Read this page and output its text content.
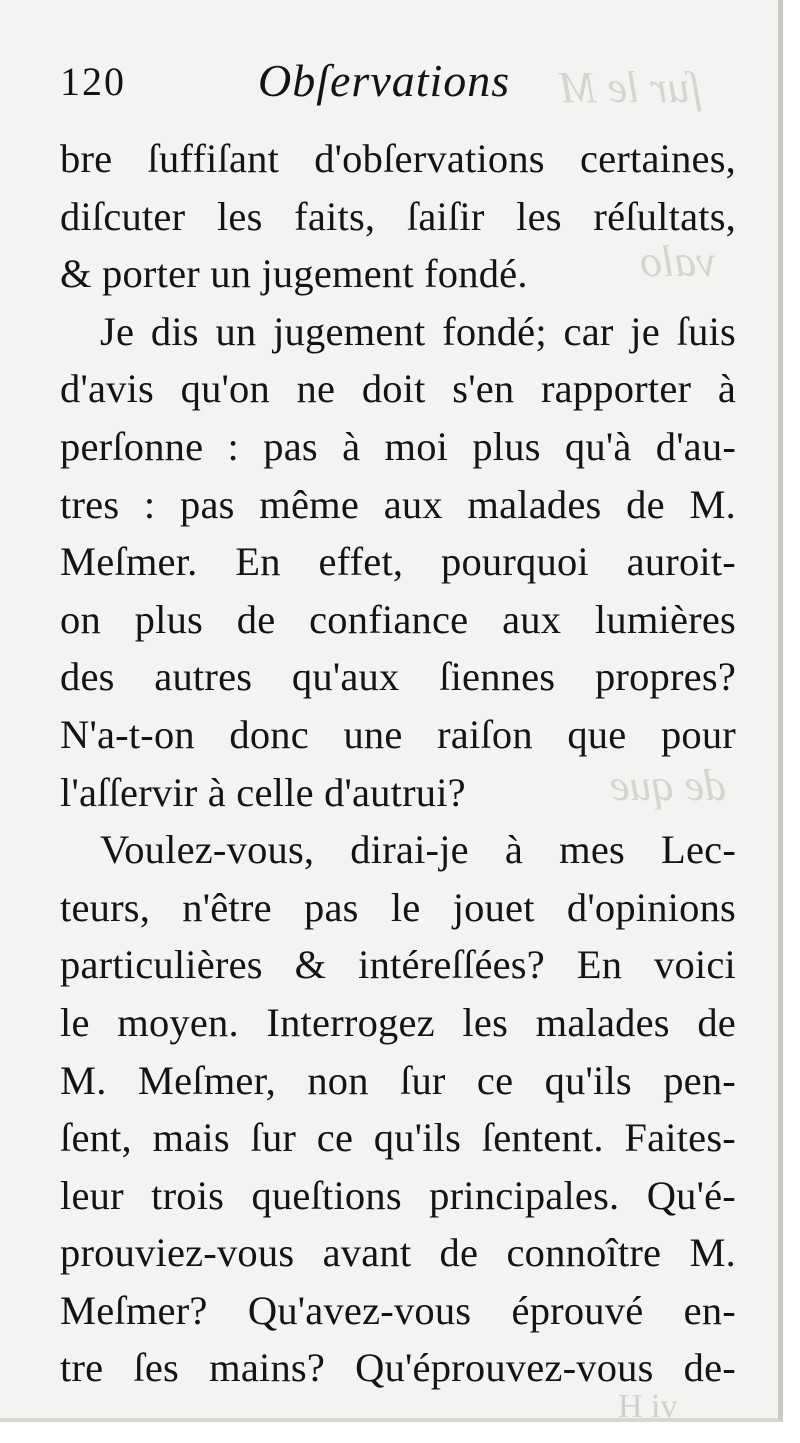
ſur le M
valo
de que
120	Obſervations
bre ſuffiſant d'obſervations certaines,
diſcuter les faits, ſaiſir les réſultats,
& porter un jugement fondé.
Je dis un jugement fondé; car je ſuis
d'avis qu'on ne doit s'en rapporter à
perſonne : pas à moi plus qu'à d'au-
tres : pas même aux malades de M.
Meſmer. En effet, pourquoi auroit-
on plus de confiance aux lumières
des autres qu'aux ſiennes propres?
N'a-t-on donc une raiſon que pour
l'aſſervir à celle d'autrui?
Voulez-vous, dirai-je à mes Lec-
teurs, n'être pas le jouet d'opinions
particulières & intéreſſées? En voici
le moyen. Interrogez les malades de
M. Meſmer, non ſur ce qu'ils pen-
ſent, mais ſur ce qu'ils ſentent. Faites-
leur trois queſtions principales. Qu'é-
prouviez-vous avant de connoître M.
Meſmer? Qu'avez-vous éprouvé en-
tre ſes mains? Qu'éprouvez-vous de-
H iv
